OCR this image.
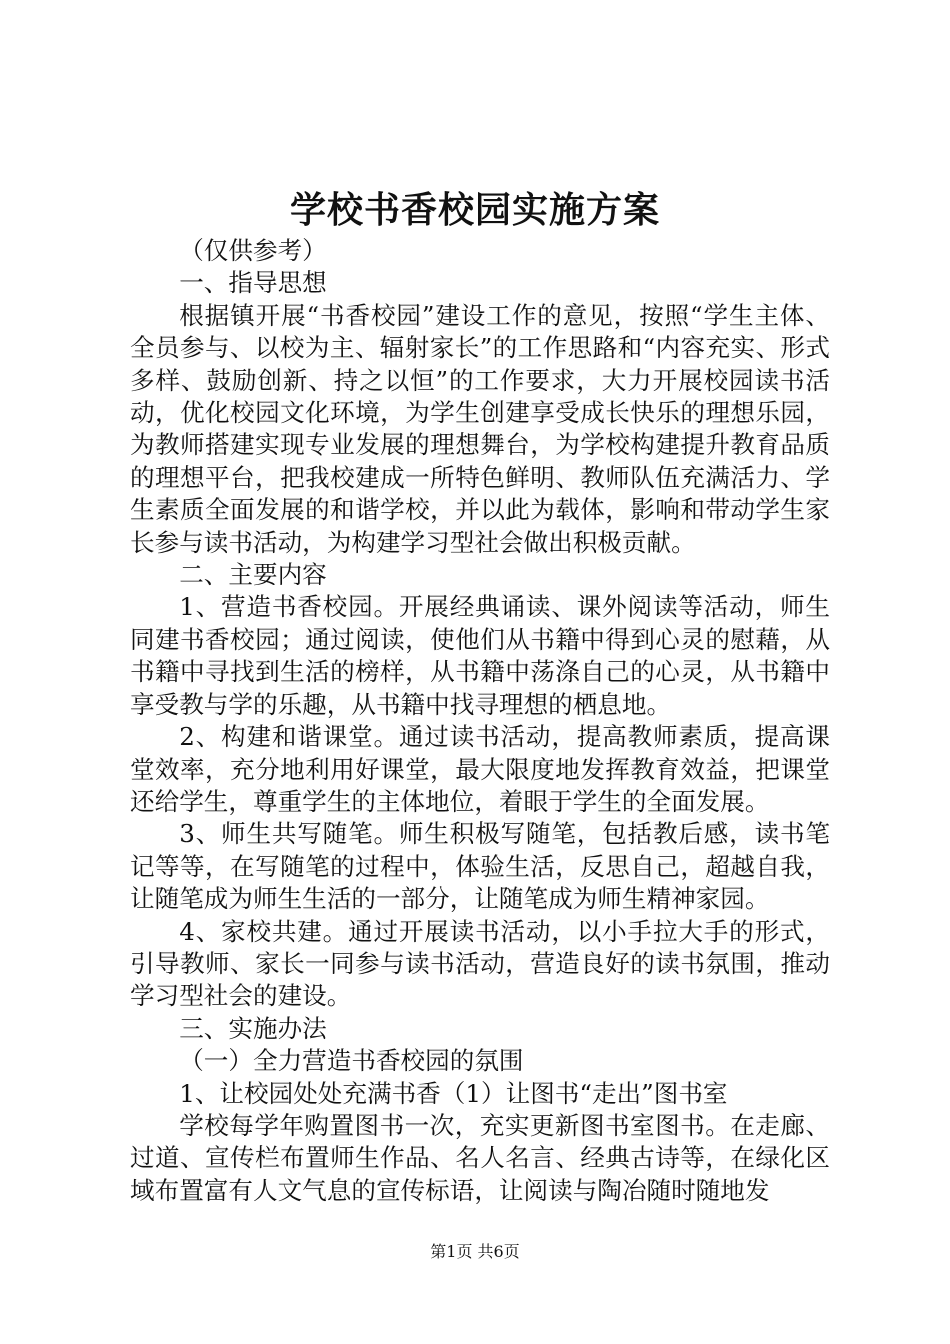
学校书香校园实施方案

（仅供参考）

一、指导思想

根据镇开展“书香校园”建设工作的意见，按照“学生主体、全员参与、以校为主、辐射家长”的工作思路和“内容充实、形式多样、鼓励创新、持之以恒”的工作要求，大力开展校园读书活动，优化校园文化环境，为学生创建享受成长快乐的理想乐园，为教师搭建实现专业发展的理想舞台，为学校构建提升教育品质的理想平台，把我校建成一所特色鲜明、教师队伍充满活力、学生素质全面发展的和谐学校，并以此为载体，影响和带动学生家长参与读书活动，为构建学习型社会做出积极贡献。

二、主要内容

1、营造书香校园。开展经典诵读、课外阅读等活动，师生同建书香校园；通过阅读，使他们从书籍中得到心灵的慰藉，从书籍中寻找到生活的榜样，从书籍中荡涤自己的心灵，从书籍中享受教与学的乐趣，从书籍中找寻理想的栖息地。

2、构建和谐课堂。通过读书活动，提高教师素质，提高课堂效率，充分地利用好课堂，最大限度地发挥教育效益，把课堂还给学生，尊重学生的主体地位，着眼于学生的全面发展。

3、师生共写随笔。师生积极写随笔，包括教后感，读书笔记等等，在写随笔的过程中，体验生活，反思自己，超越自我，让随笔成为师生生活的一部分，让随笔成为师生精神家园。

4、家校共建。通过开展读书活动，以小手拉大手的形式，引导教师、家长一同参与读书活动，营造良好的读书氛围，推动学习型社会的建设。

三、实施办法

（一）全力营造书香校园的氛围

1、让校园处处充满书香（1）让图书“走出”图书室

学校每学年购置图书一次，充实更新图书室图书。在走廊、过道、宣传栏布置师生作品、名人名言、经典古诗等，在绿化区域布置富有人文气息的宣传标语，让阅读与陶冶随时随地发

第1页 共6页
